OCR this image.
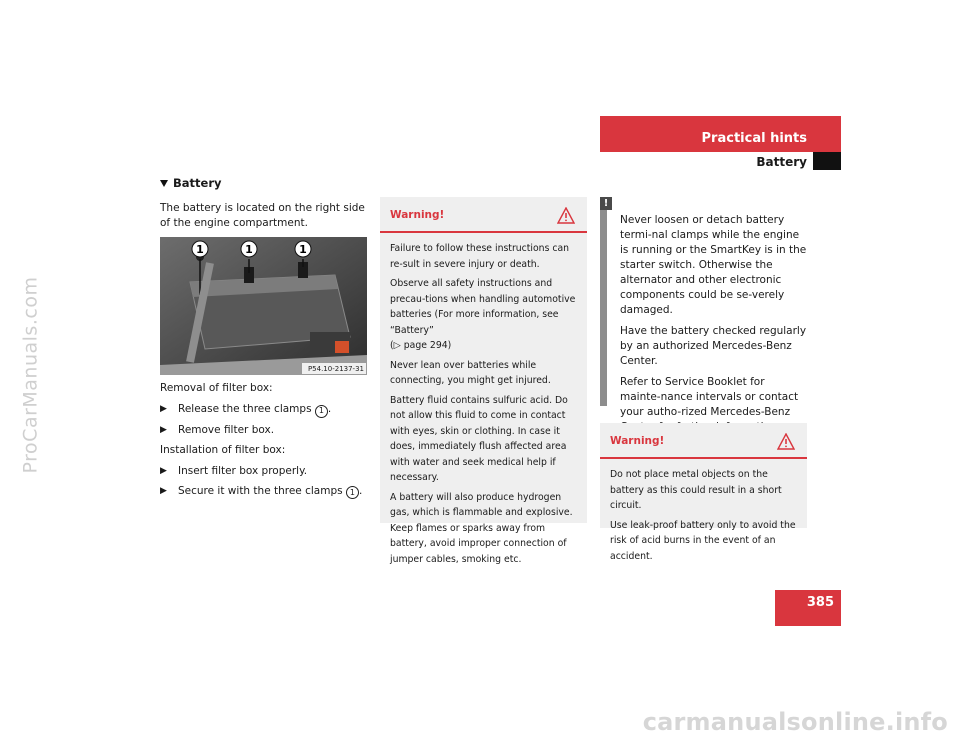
ProCarManuals.com
Practical hints
Battery
Battery

The battery is located on the right side of the engine compartment.

1	1	1
P54.10-2137-31

Removal of filter box:

▶	Release the three clamps 1 .
▶	Remove filter box.

Installation of filter box:

▶	Insert filter box properly.
▶	Secure it with the three clamps 1 .
Warning!

Failure to follow these instructions can re-sult in severe injury or death.

Observe all safety instructions and precau-tions when handling automotive batteries (For more information, see “Battery”
(▷ page 294)

Never lean over batteries while connecting, you might get injured.

Battery fluid contains sulfuric acid. Do not allow this fluid to come in contact with eyes, skin or clothing. In case it does, immediately flush affected area with water and seek medical help if necessary.

A battery will also produce hydrogen gas, which is flammable and explosive. Keep flames or sparks away from battery, avoid improper connection of jumper cables, smoking etc.

Never loosen or detach battery termi-nal clamps while the engine is running or the SmartKey is in the starter switch. Otherwise the alternator and other electronic components could be se-verely damaged.

Have the battery checked regularly by an authorized Mercedes-Benz Center.

Refer to Service Booklet for mainte-nance intervals or contact your autho-rized Mercedes-Benz

!
Warning!

Do not place metal objects on the battery as this could result in a short circuit.

Use leak-proof battery only to avoid the risk of acid burns in the event of an accident.

385
carmanualsonline.info
